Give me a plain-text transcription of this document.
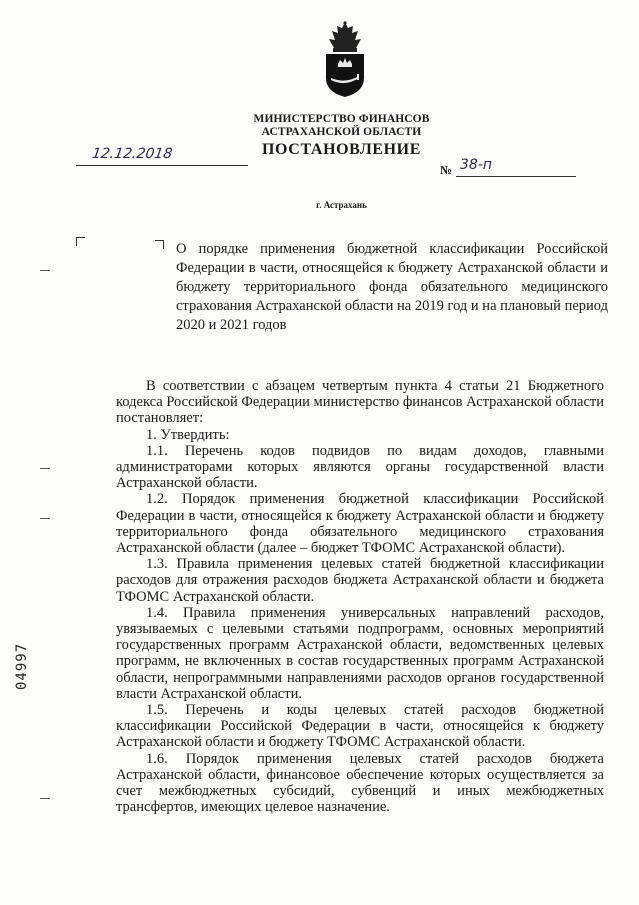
МИНИСТЕРСТВО ФИНАНСОВ
АСТРАХАНСКОЙ ОБЛАСТИ
ПОСТАНОВЛЕНИЕ
12.12.2018
№ 38-п
г. Астрахань
О порядке применения бюджетной классификации Российской Федерации в части, относящейся к бюджету Астраханской области и бюджету территориального фонда обязательного медицинского страхования Астраханской области на 2019 год и на плановый период 2020 и 2021 годов

В соответствии с абзацем четвертым пункта 4 статьи 21 Бюджетного кодекса Российской Федерации министерство финансов Астраханской области постановляет:

1. Утвердить:

1.1. Перечень кодов подвидов по видам доходов, главными администраторами которых являются органы государственной власти Астраханской области.

1.2. Порядок применения бюджетной классификации Российской Федерации в части, относящейся к бюджету Астраханской области и бюджету территориального фонда обязательного медицинского страхования Астраханской области (далее – бюджет ТФОМС Астраханской области).

1.3. Правила применения целевых статей бюджетной классификации расходов для отражения расходов бюджета Астраханской области и бюджета ТФОМС Астраханской области.

1.4. Правила применения универсальных направлений расходов, увязываемых с целевыми статьями подпрограмм, основных мероприятий государственных программ Астраханской области, ведомственных целевых программ, не включенных в состав государственных программ Астраханской области, непрограммными направлениями расходов органов государственной власти Астраханской области.

1.5. Перечень и коды целевых статей расходов бюджетной классификации Российской Федерации в части, относящейся к бюджету Астраханской области и бюджету ТФОМС Астраханской области.

1.6. Порядок применения целевых статей расходов бюджета Астраханской области, финансовое обеспечение которых осуществляется за счет межбюджетных субсидий, субвенций и иных межбюджетных трансфертов, имеющих целевое назначение.

04997
